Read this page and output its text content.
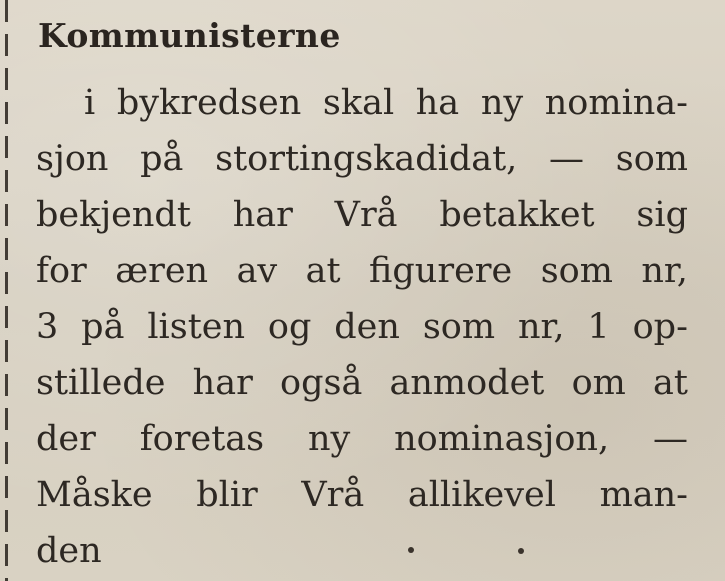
Kommunisterne
i bykredsen skal ha ny nomina-
sjon på stortingskadidat, — som
bekjendt har Vrå betakket sig
for æren av at figurere som nr,
3 på listen og den som nr, 1 op-
stillede har også anmodet om at
der foretas ny nominasjon, —
Måske blir Vrå allikevel man-
den
